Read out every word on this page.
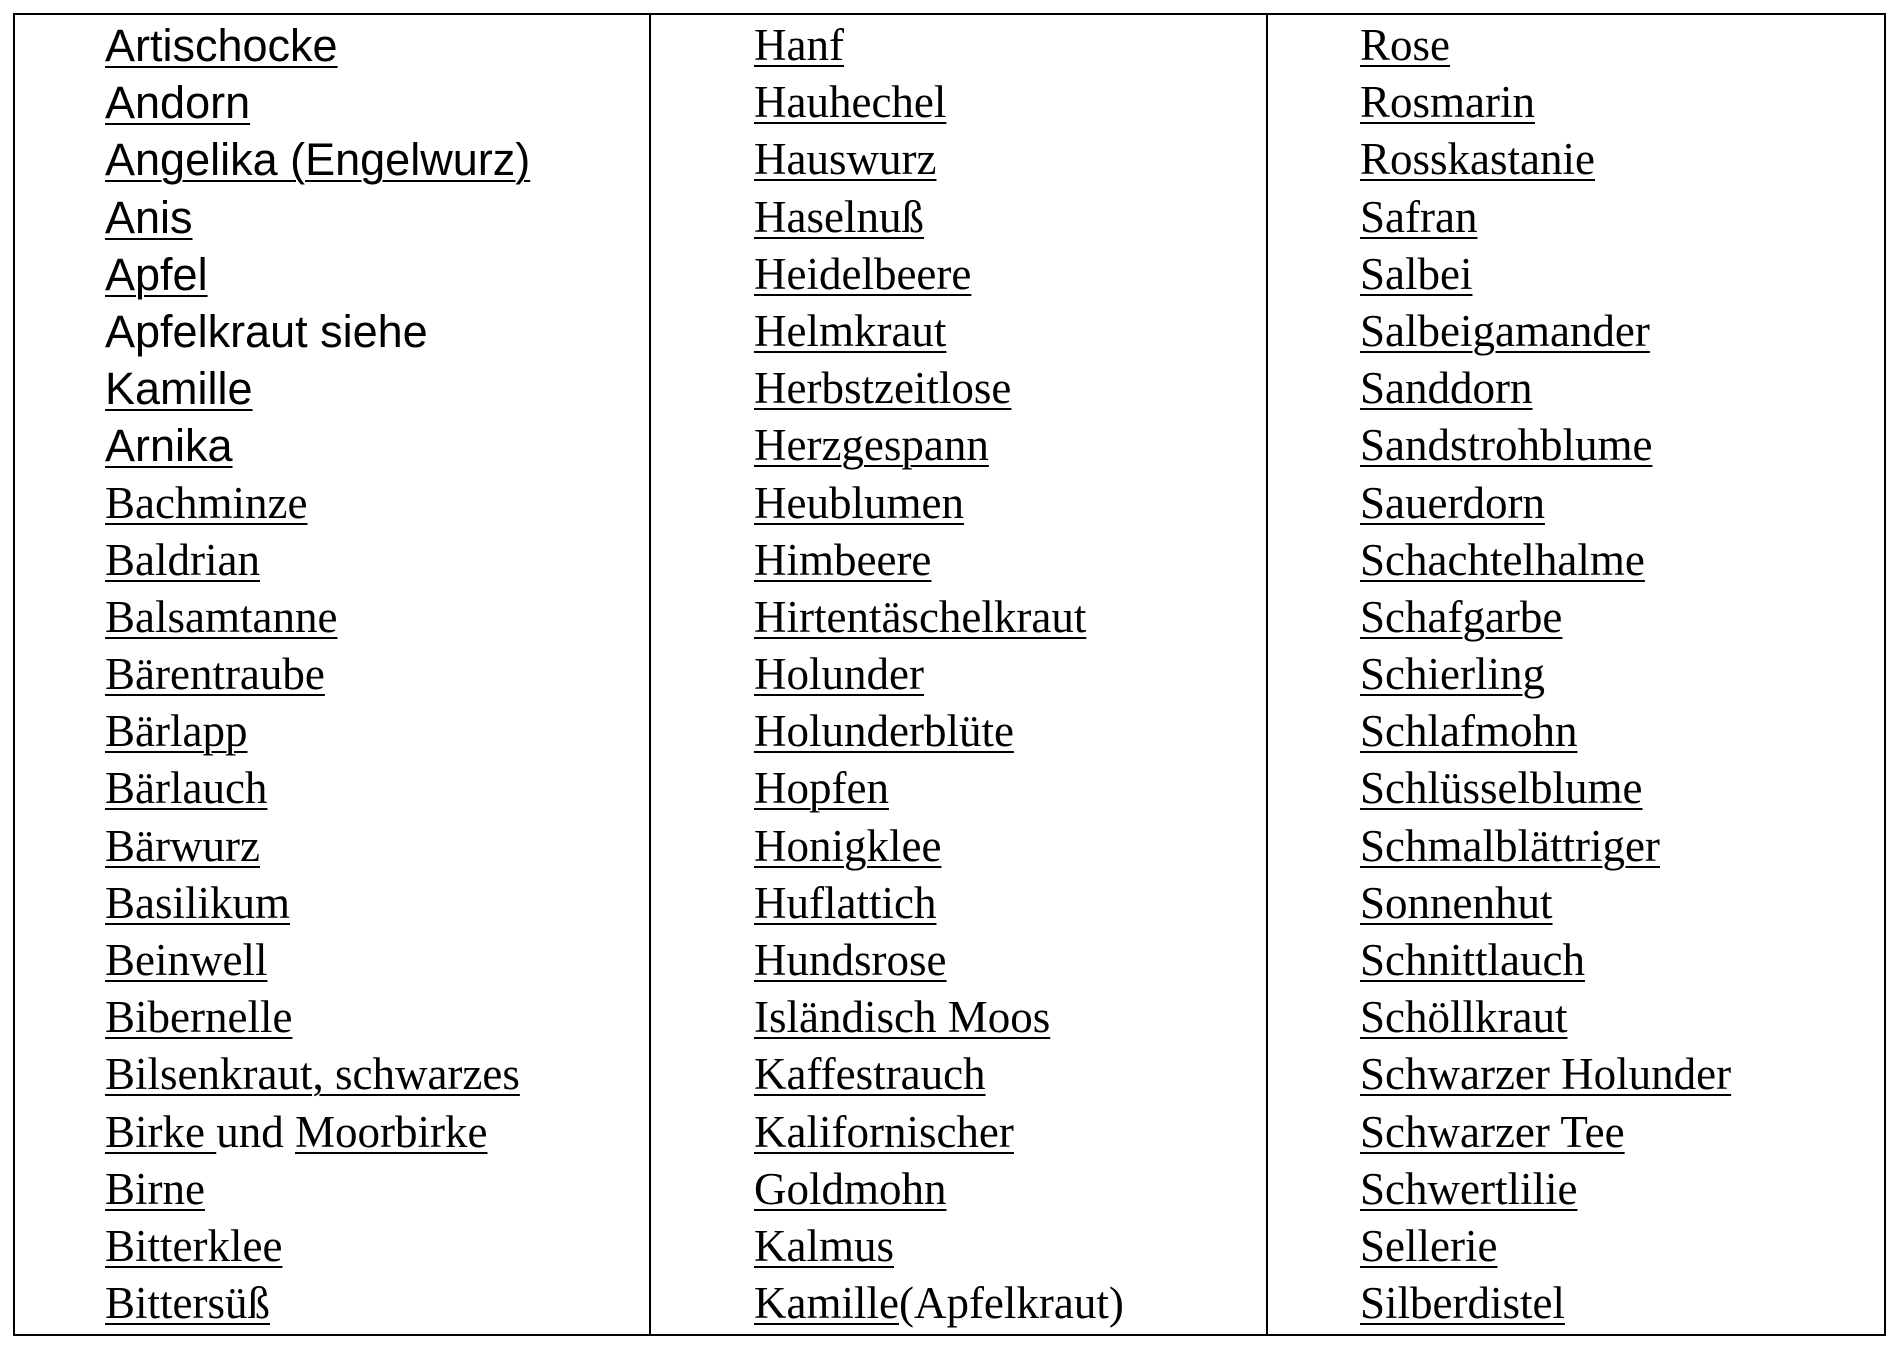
Artischocke
Andorn
Angelika (Engelwurz)
Anis
Apfel
Apfelkraut siehe
Kamille
Arnika
Bachminze
Baldrian
Balsamtanne
Bärentraube
Bärlapp
Bärlauch
Bärwurz
Basilikum
Beinwell
Bibernelle
Bilsenkraut, schwarzes
Birke und Moorbirke
Birne
Bitterklee
Bittersüß
Hanf
Hauhechel
Hauswurz
Haselnuß
Heidelbeere
Helmkraut
Herbstzeitlose
Herzgespann
Heublumen
Himbeere
Hirtentäschelkraut
Holunder
Holunderblüte
Hopfen
Honigklee
Huflattich
Hundsrose
Isländisch Moos
Kaffestrauch
Kalifornischer
Goldmohn
Kalmus
Kamille(Apfelkraut)
Rose
Rosmarin
Rosskastanie
Safran
Salbei
Salbeigamander
Sanddorn
Sandstrohblume
Sauerdorn
Schachtelhalme
Schafgarbe
Schierling
Schlafmohn
Schlüsselblume
Schmalblättriger
Sonnenhut
Schnittlauch
Schöllkraut
Schwarzer Holunder
Schwarzer Tee
Schwertlilie
Sellerie
Silberdistel
